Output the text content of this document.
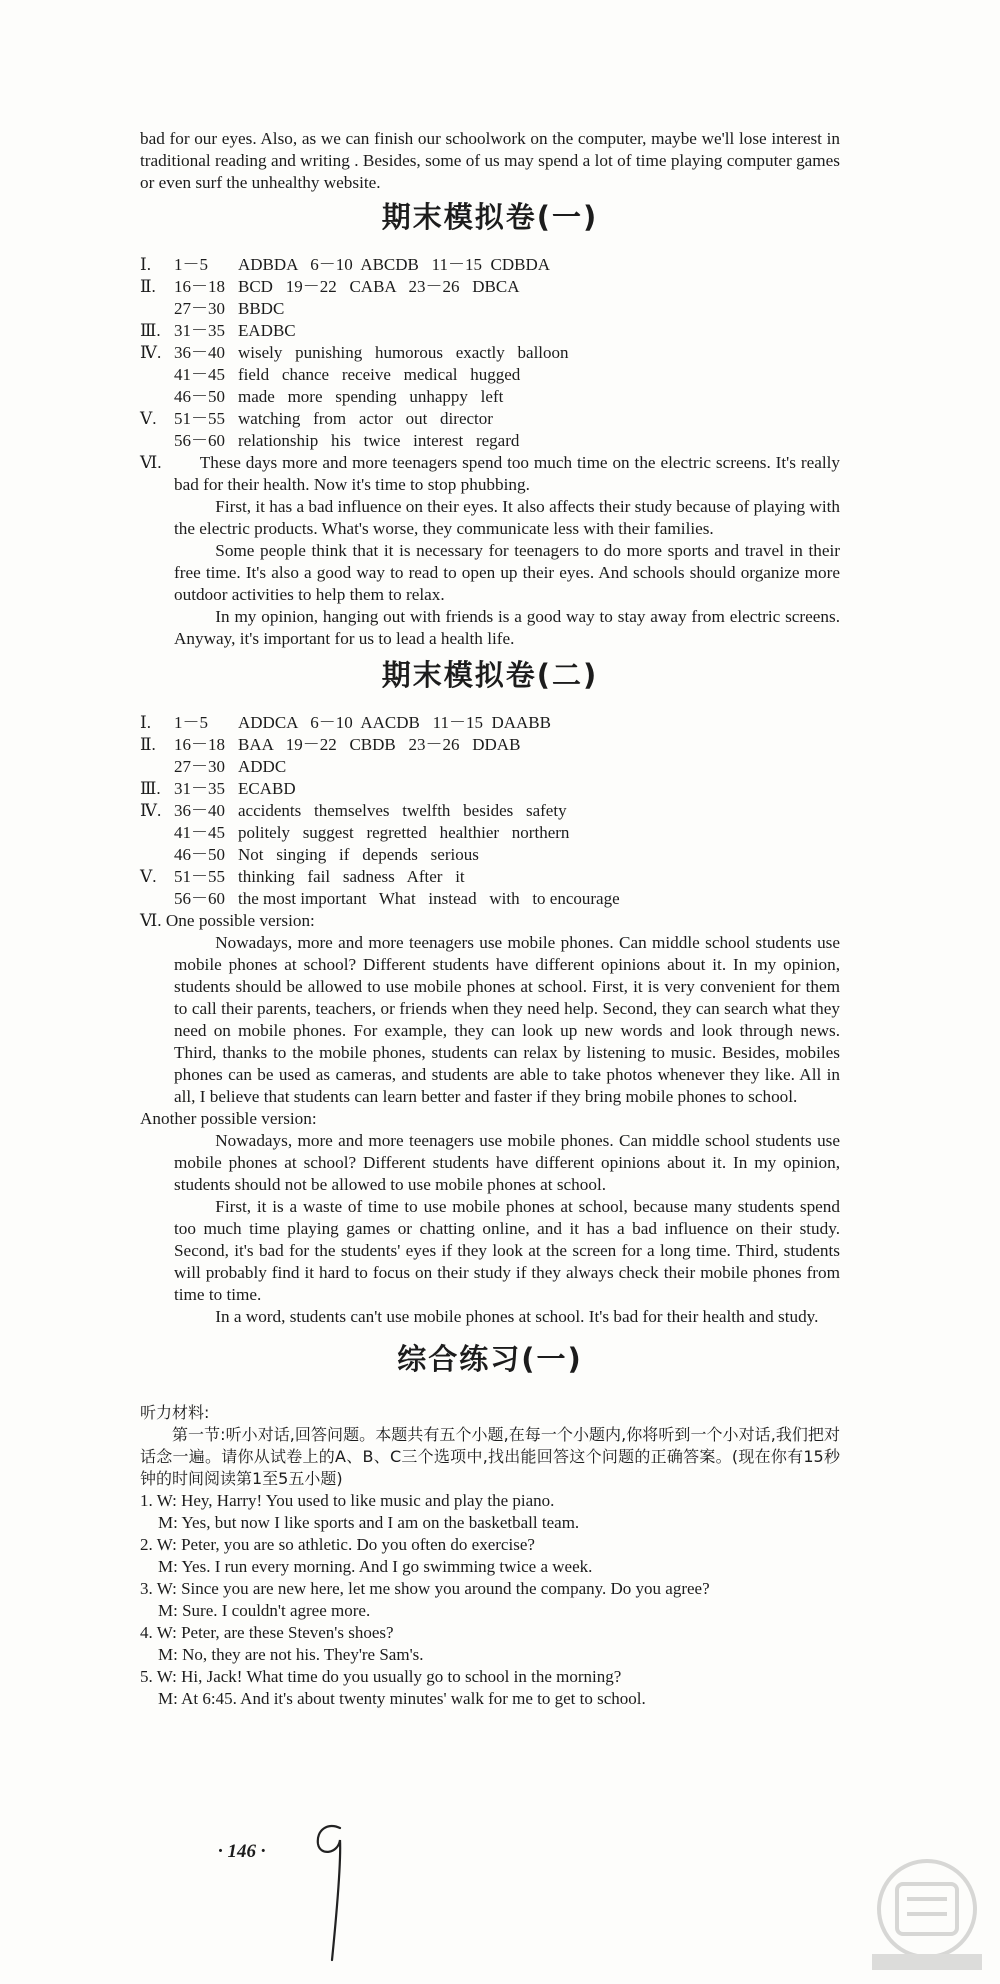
bad for our eyes. Also, as we can finish our schoolwork on the computer, maybe we'll lose interest in traditional reading and writing . Besides, some of us may spend a lot of time playing computer games or even surf the unhealthy website.

期末模拟卷(一)
Ⅰ.	1－5	ADBDA   6－10  ABCDB   11－15  CDBDA
Ⅱ.	16－18 BCD   19－22   CABA   23－26   DBCA
27－30 BBDC
Ⅲ. 31－35 EADBC
Ⅳ. 36－40 wisely   punishing   humorous   exactly   balloon
41－45 field   chance   receive   medical   hugged
46－50 made   more   spending   unhappy   left
Ⅴ.	51－55 watching   from   actor   out   director
56－60 relationship   his   twice   interest   regard
Ⅵ.	These days more and more teenagers spend too much time on the electric screens. It's really bad for their health. Now it's time to stop phubbing.

First, it has a bad influence on their eyes. It also affects their study because of playing with the electric products. What's worse, they communicate less with their families.

Some people think that it is necessary for teenagers to do more sports and travel in their free time. It's also a good way to read to open up their eyes. And schools should organize more outdoor activities to help them to relax.

In my opinion, hanging out with friends is a good way to stay away from electric screens. Anyway, it's important for us to lead a health life.

期末模拟卷(二)
Ⅰ.	1－5	ADDCA   6－10  AACDB   11－15  DAABB
Ⅱ.	16－18 BAA   19－22   CBDB   23－26   DDAB
27－30 ADDC
Ⅲ. 31－35 ECABD
Ⅳ. 36－40 accidents   themselves   twelfth   besides   safety
41－45 politely   suggest   regretted   healthier   northern
46－50 Not   singing   if   depends   serious
Ⅴ.	51－55 thinking   fail   sadness   After   it
56－60 the most important   What   instead   with   to encourage

Ⅵ. One possible version:

Nowadays, more and more teenagers use mobile phones. Can middle school students use mobile phones at school? Different students have different opinions about it. In my opinion, students should be allowed to use mobile phones at school. First, it is very convenient for them to call their parents, teachers, or friends when they need help. Second, they can search what they need on mobile phones. For example, they can look up new words and look through news. Third, thanks to the mobile phones, students can relax by listening to music. Besides, mobiles phones can be used as cameras, and students are able to take photos whenever they like. All in all, I believe that students can learn better and faster if they bring mobile phones to school.

Another possible version:

Nowadays, more and more teenagers use mobile phones. Can middle school students use mobile phones at school? Different students have different opinions about it. In my opinion, students should not be allowed to use mobile phones at school.

First, it is a waste of time to use mobile phones at school, because many students spend too much time playing games or chatting online, and it has a bad influence on their study. Second, it's bad for the students' eyes if they look at the screen for a long time. Third, students will probably find it hard to focus on their study if they always check their mobile phones from time to time.

In a word, students can't use mobile phones at school. It's bad for their health and study.

综合练习(一)
听力材料:
第一节:听小对话,回答问题。本题共有五个小题,在每一个小题内,你将听到一个小对话,我们把对话念一遍。请你从试卷上的A、B、C三个选项中,找出能回答这个问题的正确答案。(现在你有15秒钟的时间阅读第1至5五小题)
1. W: Hey, Harry! You used to like music and play the piano.
M: Yes, but now I like sports and I am on the basketball team.
2. W: Peter, you are so athletic. Do you often do exercise?
M: Yes. I run every morning. And I go swimming twice a week.
3. W: Since you are new here, let me show you around the company. Do you agree?
M: Sure. I couldn't agree more.
4. W: Peter, are these Steven's shoes?
M: No, they are not his. They're Sam's.
5. W: Hi, Jack! What time do you usually go to school in the morning?
M: At 6:45. And it's about twenty minutes' walk for me to get to school.
· 146 ·
